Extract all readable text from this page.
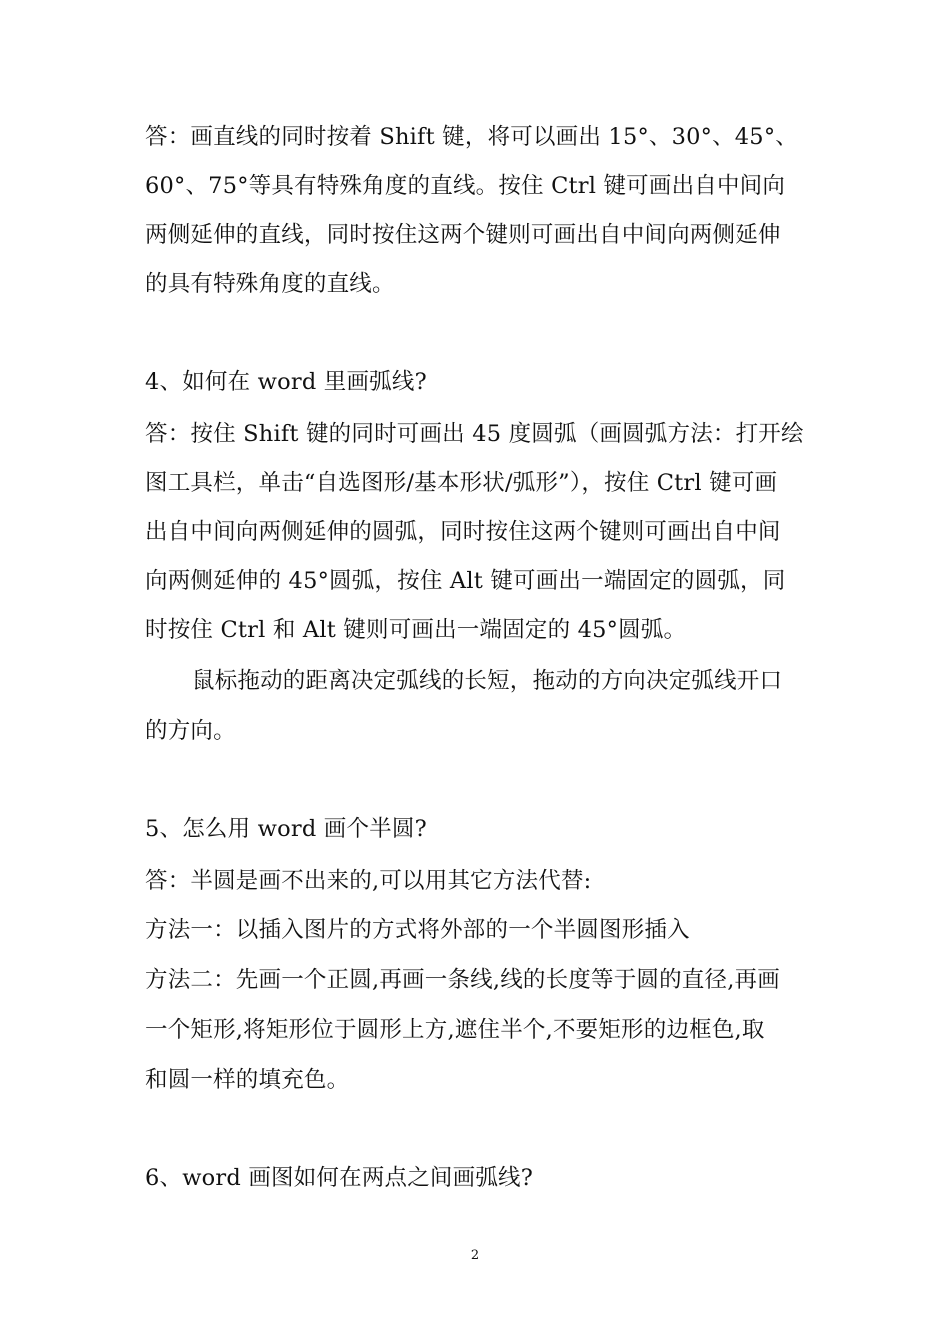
答：画直线的同时按着 Shift 键，将可以画出 15°、30°、45°、
60°、75°等具有特殊角度的直线。按住 Ctrl 键可画出自中间向
两侧延伸的直线，同时按住这两个键则可画出自中间向两侧延伸
的具有特殊角度的直线。
4、如何在 word 里画弧线?
答：按住 Shift 键的同时可画出 45 度圆弧（画圆弧方法：打开绘
图工具栏，单击“自选图形/基本形状/弧形”），按住 Ctrl 键可画
出自中间向两侧延伸的圆弧，同时按住这两个键则可画出自中间
向两侧延伸的 45°圆弧，按住 Alt 键可画出一端固定的圆弧，同
时按住 Ctrl 和 Alt 键则可画出一端固定的 45°圆弧。
鼠标拖动的距离决定弧线的长短，拖动的方向决定弧线开口
的方向。
5、怎么用 word 画个半圆?
答：半圆是画不出来的,可以用其它方法代替:
方法一：以插入图片的方式将外部的一个半圆图形插入
方法二：先画一个正圆,再画一条线,线的长度等于圆的直径,再画
一个矩形,将矩形位于圆形上方,遮住半个,不要矩形的边框色,取
和圆一样的填充色。
6、word 画图如何在两点之间画弧线?
2
